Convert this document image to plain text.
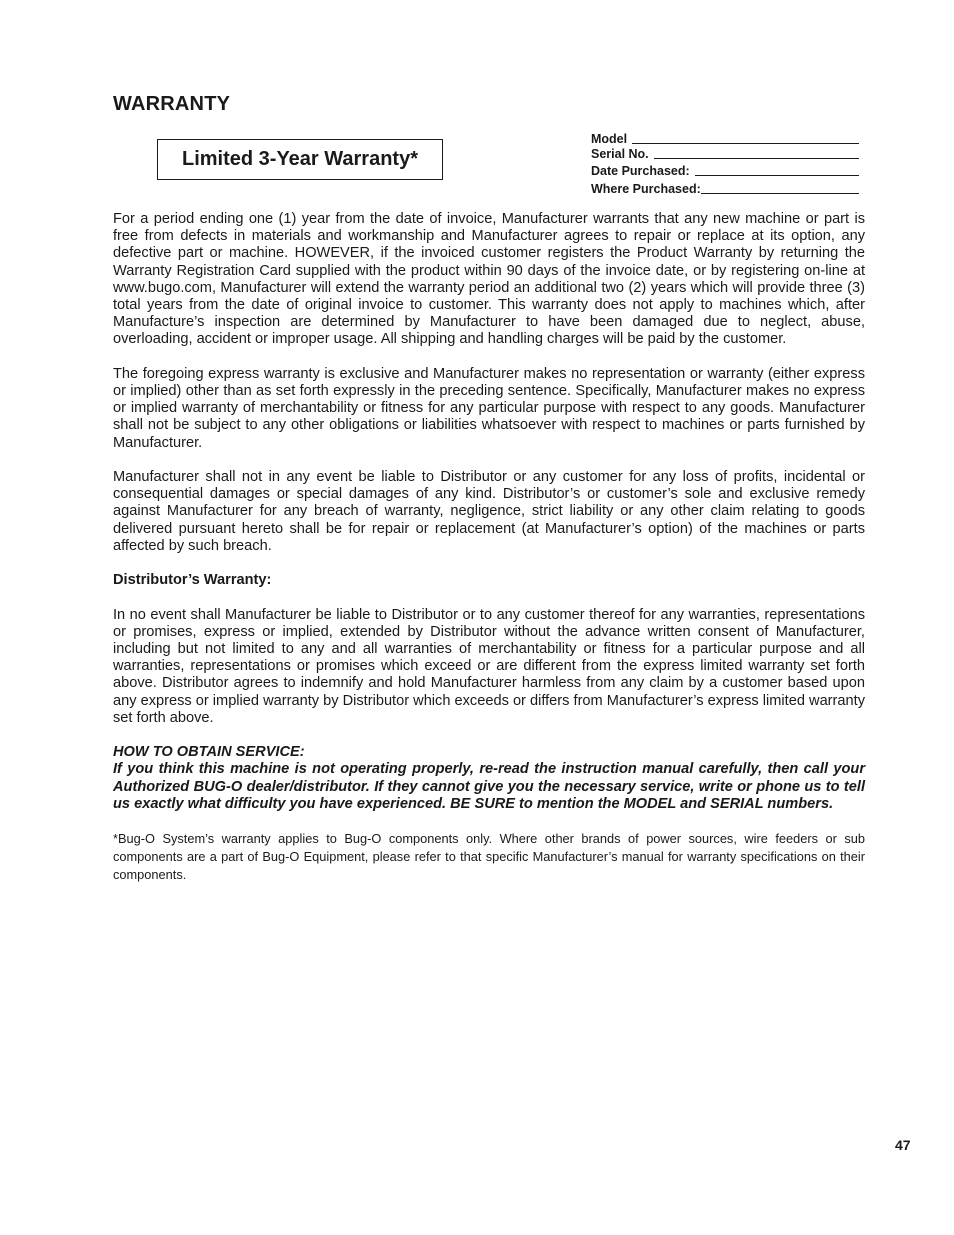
WARRANTY
Limited 3-Year Warranty*
Model
Serial No.
Date Purchased:
Where Purchased:

For a period ending one (1) year from the date of invoice, Manufacturer warrants that any new machine or part is free from defects in materials and workmanship and Manufacturer agrees to repair or replace at its option, any defective part or machine. HOWEVER, if the invoiced customer registers the Product Warranty by returning the Warranty Registration Card supplied with the product within 90 days of the invoice date, or by registering on-line at www.bugo.com, Manufacturer will extend the warranty period an additional two (2) years which will provide three (3) total years from the date of original invoice to customer. This warranty does not apply to machines which, after Manufacture’s inspection are determined by Manufacturer to have been damaged due to neglect, abuse, overloading, accident or improper usage. All shipping and handling charges will be paid by the customer.

The foregoing express warranty is exclusive and Manufacturer makes no representation or warranty (either express or implied) other than as set forth expressly in the preceding sentence. Specifically, Manufacturer makes no express or implied warranty of merchantability or fitness for any particular purpose with respect to any goods. Manufacturer shall not be subject to any other obligations or liabilities whatsoever with respect to machines or parts furnished by Manufacturer.

Manufacturer shall not in any event be liable to Distributor or any customer for any loss of profits, incidental or consequential damages or special damages of any kind. Distributor’s or customer’s sole and exclusive remedy against Manufacturer for any breach of warranty, negligence, strict liability or any other claim relating to goods delivered pursuant hereto shall be for repair or replacement (at Manufacturer’s option) of the machines or parts affected by such breach.

Distributor’s Warranty:

In no event shall Manufacturer be liable to Distributor or to any customer thereof for any warranties, representations or promises, express or implied, extended by Distributor without the advance written consent of Manufacturer, including but not limited to any and all warranties of merchantability or fitness for a particular purpose and all warranties, representations or promises which exceed or are different from the express limited warranty set forth above. Distributor agrees to indemnify and hold Manufacturer harmless from any claim by a customer based upon any express or implied warranty by Distributor which exceeds or differs from Manufacturer’s express limited warranty set forth above.

HOW TO OBTAIN SERVICE:
If you think this machine is not operating properly, re-read the instruction manual carefully, then call your Authorized BUG-O dealer/distributor. If they cannot give you the necessary service, write or phone us to tell us exactly what difficulty you have experienced. BE SURE to mention the MODEL and SERIAL numbers.

*Bug-O System’s warranty applies to Bug-O components only. Where other brands of power sources, wire feeders or sub components are a part of Bug-O Equipment, please refer to that specific Manufacturer’s manual for warranty specifications on their components.

47
